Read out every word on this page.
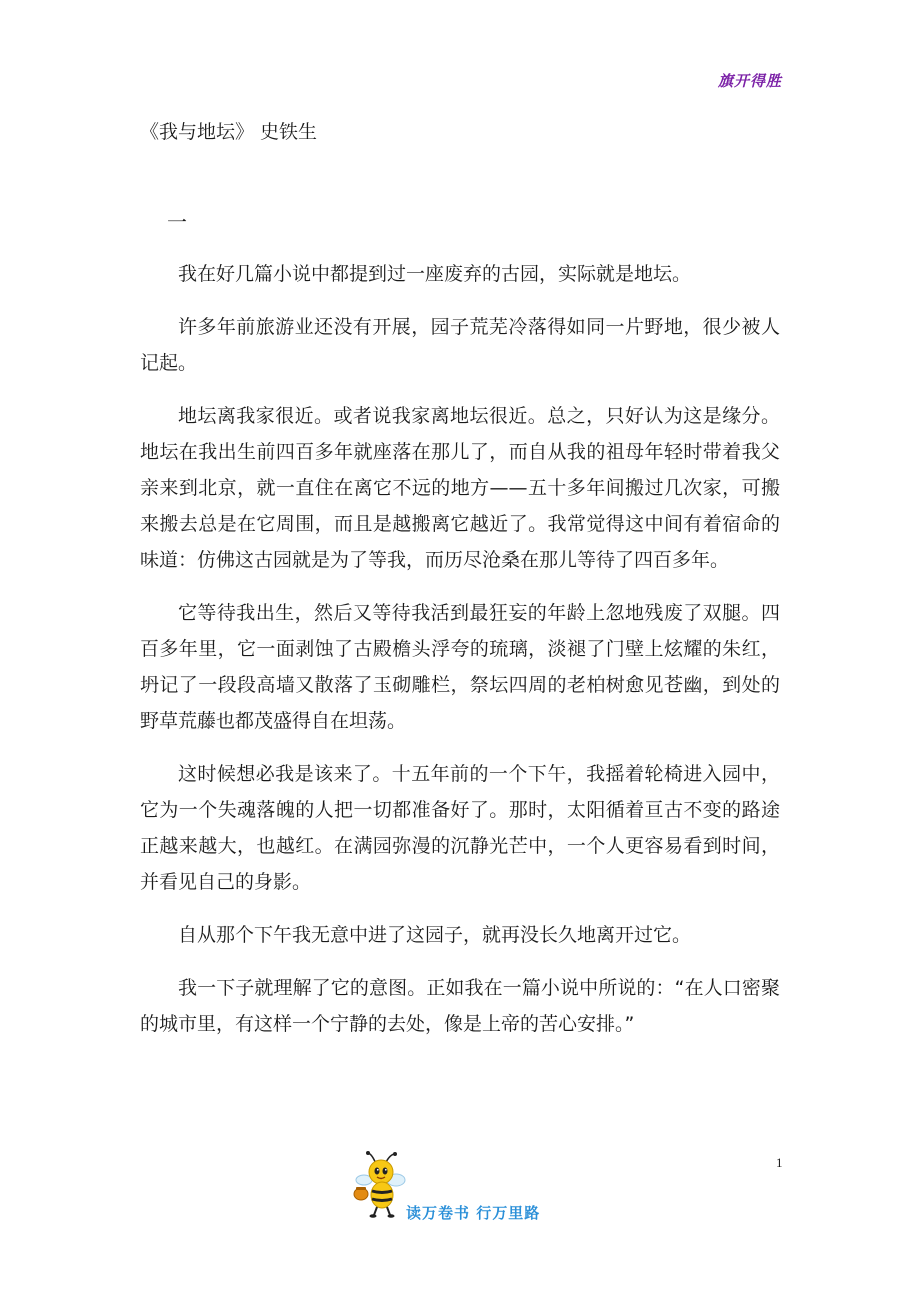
旗开得胜
《我与地坛》 史铁生
一

我在好几篇小说中都提到过一座废弃的古园，实际就是地坛。

许多年前旅游业还没有开展，园子荒芜冷落得如同一片野地，很少被人记起。

地坛离我家很近。或者说我家离地坛很近。总之，只好认为这是缘分。地坛在我出生前四百多年就座落在那儿了，而自从我的祖母年轻时带着我父亲来到北京，就一直住在离它不远的地方——五十多年间搬过几次家，可搬来搬去总是在它周围，而且是越搬离它越近了。我常觉得这中间有着宿命的味道：仿佛这古园就是为了等我，而历尽沧桑在那儿等待了四百多年。

它等待我出生，然后又等待我活到最狂妄的年龄上忽地残废了双腿。四百多年里，它一面剥蚀了古殿檐头浮夸的琉璃，淡褪了门壁上炫耀的朱红，坍记了一段段高墙又散落了玉砌雕栏，祭坛四周的老柏树愈见苍幽，到处的野草荒藤也都茂盛得自在坦荡。

这时候想必我是该来了。十五年前的一个下午，我摇着轮椅进入园中，它为一个失魂落魄的人把一切都准备好了。那时，太阳循着亘古不变的路途正越来越大，也越红。在满园弥漫的沉静光芒中，一个人更容易看到时间，并看见自己的身影。

自从那个下午我无意中进了这园子，就再没长久地离开过它。

我一下子就理解了它的意图。正如我在一篇小说中所说的：“在人口密聚的城市里，有这样一个宁静的去处，像是上帝的苦心安排。”

1
读万卷书 行万里路
